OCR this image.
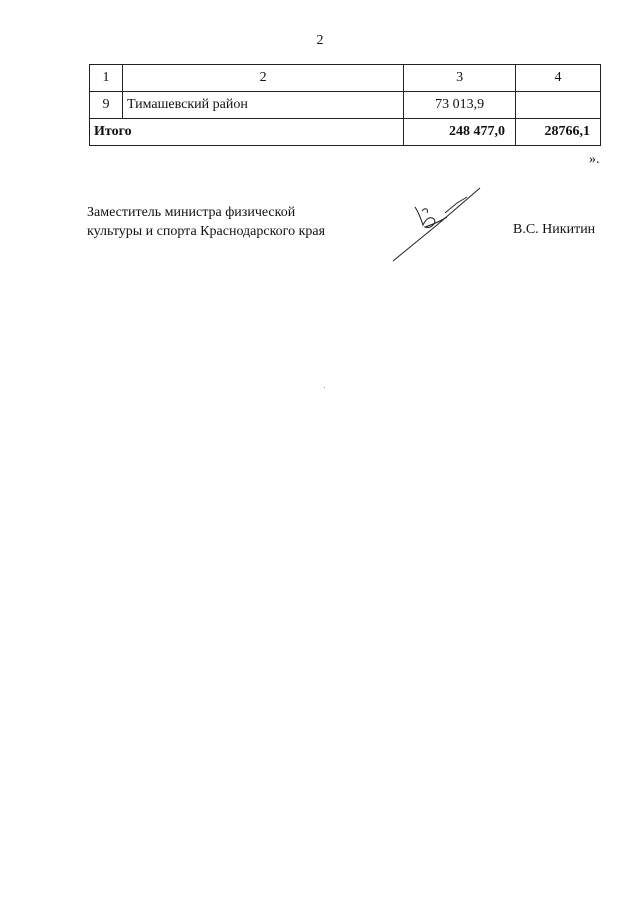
2
1	2	3	4
9	Тимашевский район	73 013,9	
Итого		248 477,0	28766,1
».
Заместитель министра физической
культуры и спорта Краснодарского края	В.С. Никитин
